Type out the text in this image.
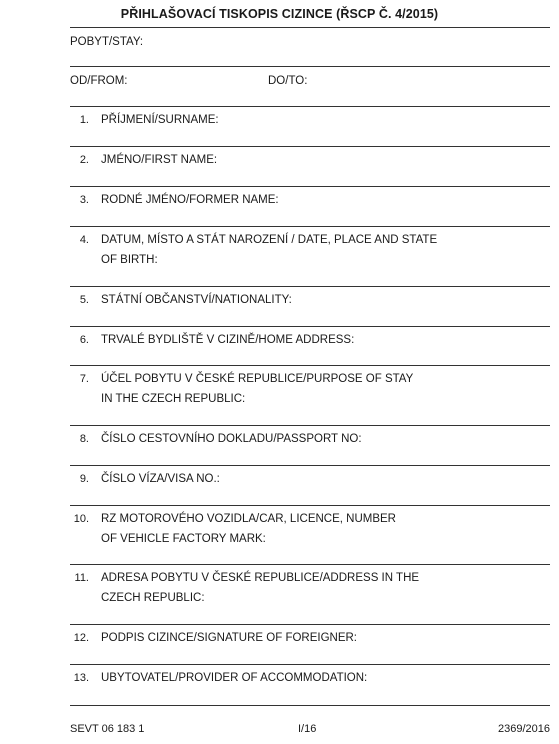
PŘIHLAŠOVACÍ TISKOPIS CIZINCE (ŘSCP Č. 4/2015)
POBYT/STAY:
OD/FROM:	DO/TO:
1. PŘÍJMENÍ/SURNAME:
2. JMÉNO/FIRST NAME:
3. RODNÉ JMÉNO/FORMER NAME:
4. DATUM, MÍSTO A STÁT NAROZENÍ / DATE, PLACE AND STATE
OF BIRTH:
5. STÁTNÍ OBČANSTVÍ/NATIONALITY:
6. TRVALÉ BYDLIŠTĚ V CIZINĚ/HOME ADDRESS:
7. ÚČEL POBYTU V ČESKÉ REPUBLICE/PURPOSE OF STAY
IN THE CZECH REPUBLIC:
8. ČÍSLO CESTOVNÍHO DOKLADU/PASSPORT NO:
9. ČÍSLO VÍZA/VISA NO.:
10. RZ MOTOROVÉHO VOZIDLA/CAR, LICENCE, NUMBER
OF VEHICLE FACTORY MARK:
11. ADRESA POBYTU V ČESKÉ REPUBLICE/ADDRESS IN THE
CZECH REPUBLIC:
12. PODPIS CIZINCE/SIGNATURE OF FOREIGNER:
13. UBYTOVATEL/PROVIDER OF ACCOMMODATION:
SEVT 06 183 1	I/16	2369/2016
